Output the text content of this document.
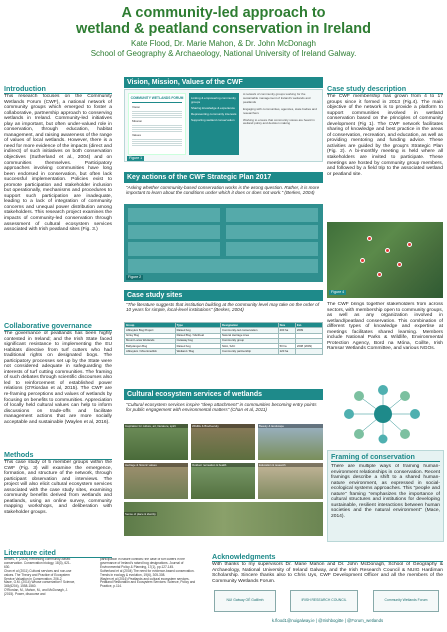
A community-led approach to
wetland & peatland conservation in Ireland
Kate Flood, Dr. Marie Mahon, & Dr. John McDonagh
School of Geography & Archaeology, National University of Ireland Galway.
Introduction
This research focuses on the Community Wetlands Forum (CWF), a national network of community groups which emerged to foster a collaborative, partnership approach to conserving wetlands in Ireland. Community-led initiatives play an important, but often under-valued role in conservation, through education, habitat management, and raising awareness of the range of values of local wetlands. However, there is a need for more evidence of the impacts (direct and indirect) of such initiatives on both conservation objectives (Sutherland et al., 2004) and on communities themselves. Participatory approaches involving communities have long been endorsed in conservation, but often lack successful implementation. Policies exist to promote participation and stakeholder inclusion but operationally, mechanisms and procedures to support such participation are inadequate, leading to a lack of integration of community concerns and unequal power distribution among stakeholders. This research project examines the impacts of community-led conservation through assessment of cultural ecosystem services associated with Irish peatland sites (Fig. 3.)
Collaborative governance
The governance of peatlands has been highly contested in Ireland; and the Irish State faced significant resistance to implementing the EU Habitats directive from turf cutters who had traditional rights on designated bogs. The participatory processes set up by the State were not considered adequate in safeguarding the interests of turf cutting communities. The framing of such debates through scientific discourses also led to reinforcement of established power relations (O'Riordan et al, 2015). The CWF are re-framing perceptions and values of wetlands by focusing on benefits to communities. Appreciation of locally held cultural values can help to inform discussions on trade-offs and facilitate management actions that are more socially acceptable and sustainable (Waylen et al, 2016).
Methods
This case study of 5 member groups within the CWF (Fig. 3) will examine the emergence, formation, and structure of the network, through participant observation and interviews. The project will also elicit cultural ecosystem services associated with the case study sites, examining community benefits derived from wetlands and peatlands, using an online survey, community mapping workshops, and deliberation with stakeholder groups.
Literature cited
Berkes, F. (2004) Rethinking community-based conservation. Conservation biology, 18(3), 621-630.
Chan et al (2011) Cultural services and non-use values. The Theory and Practice of Ecosystem Service Valuation in Conservation, 206-2.
Mace, G.M. (2014) Whose conservation? Science, 345(6204), 1558-1560.
O'Riordan, M., Mahon, M., and McDonagh, J. (2015). Power, discourse and
participation in nature conflicts: the case of turf cutters in the governance of Ireland's raised bog designations. Journal of Environmental Policy & Planning, 17(1), pp.127-145.
Sutherland et al (2004) The need for evidence-based conservation. Trends in ecology & evolution, 19(6), 305-308.
Waylen et al (2016) Peatlands and cultural ecosystem services. Peatland Restoration and Ecosystem Services: Science, Policy and Practice, p.114.
Vision, Mission, Values of the CWF
COMMUNITY WETLANDS FORUM
Vision
Mission
Values
Linking & empowering community groups
Sharing knowledge & experience
Representing community interests
Supporting wetland conservation
A network of community groups working for the sustainable management of Ireland's wetlands and peatlands
Engaging with communities, agencies, state bodies and researchers
Working to ensure that community voices are heard in wetland policy and decision making
Figure 1
Key actions of the CWF Strategic Plan 2017
"Asking whether community-based conservation works is the wrong question. Rather, it is more important to learn about the conditions under which it does or does not work." (Berkes, 2004)
Figure 2
Case study sites
"The literature suggests that institution building at the community level may take on the order of 10 years for simple, local-level institutions" (Berkes, 2004)
Group	Type	Designation	Size	Est.
Abbeyleix Bog Project	Raised bog	Community-led conservation	200 ha	2009
Girley Bog	Raised Bog / Meitheal	Natural Heritage Area		
Mount Lucas Wetlands	Cutaway bog	Community group		
Ballydangan Bog	Raised bog	NHA, SAC	50 ha	2008 (2009)
Abbeyleix / Mountmellick	Wetland / Bog	Community partnership	120 ha	
Cultural ecosystem services of wetlands
"Cultural ecosystem services inspire "deep attachment" in communities becoming entry points for public engagement with environmental matters" (Chan et al, 2011)
Inspiration for culture, art, literature, spirit	Wildlife & Biodiversity	Beauty & landscape
Heritage & historic values	Outdoor recreation & health	Education & research
Sense of place & identity
Case study description
The CWF membership has grown from 4 to 17 groups since it formed in 2013 (Fig.4). The main objective of the network is to provide a platform to support communities involved in wetland conservation based on the principles of community development (Fig 1). The CWF network facilitates sharing of knowledge and best practice in the areas of conservation, recreation, and education, as well as providing mentoring and funding advice. These activities are guided by the group's Strategic Plan (Fig. 2). A bi-monthly meeting is held where all stakeholders are invited to participate. These meetings are hosted by community group members, and followed by a field trip to the associated wetland or peatland site.
Figure 4
The CWF brings together stakeholders from across sectors, with membership open to community groups, as well as any organization involved in wetland/peatland conservation. This combination of different types of knowledge and expertise at meetings facilitates shared learning. Members include National Parks & Wildlife, Environmental Protection Agency, Bord na Móna, Coillte, Irish Ramsar Wetlands Committee, and various NGOs.
Framing of conservation
There are multiple ways of framing human-environment relationships in conservation. Recent framings describe a shift to a shared human-nature environment, as expressed in social-ecological systems approaches. This "people and nature" framing "emphasizes the importance of cultural structures and institutions for developing sustainable, resilient interactions between human societies and the natural environment" (Mace, 2014).
Acknowledgments
With thanks to my supervisors Dr. Marie Mahon and Dr. John McDonagh, School of Geography & Archaeology, National University of Ireland Galway, and the Irish Research Council & NUIG Hardiman Scholarship. Sincere thanks also to Chris Uys, CWF Development Officer and all the members of the Community Wetlands Forum.
NUI Galway OÉ Gaillimh	IRISH RESEARCH COUNCIL	Community Wetlands Forum
k.flood1@nuigalway.ie | @Irishbogitte | @Forum_wetlands
